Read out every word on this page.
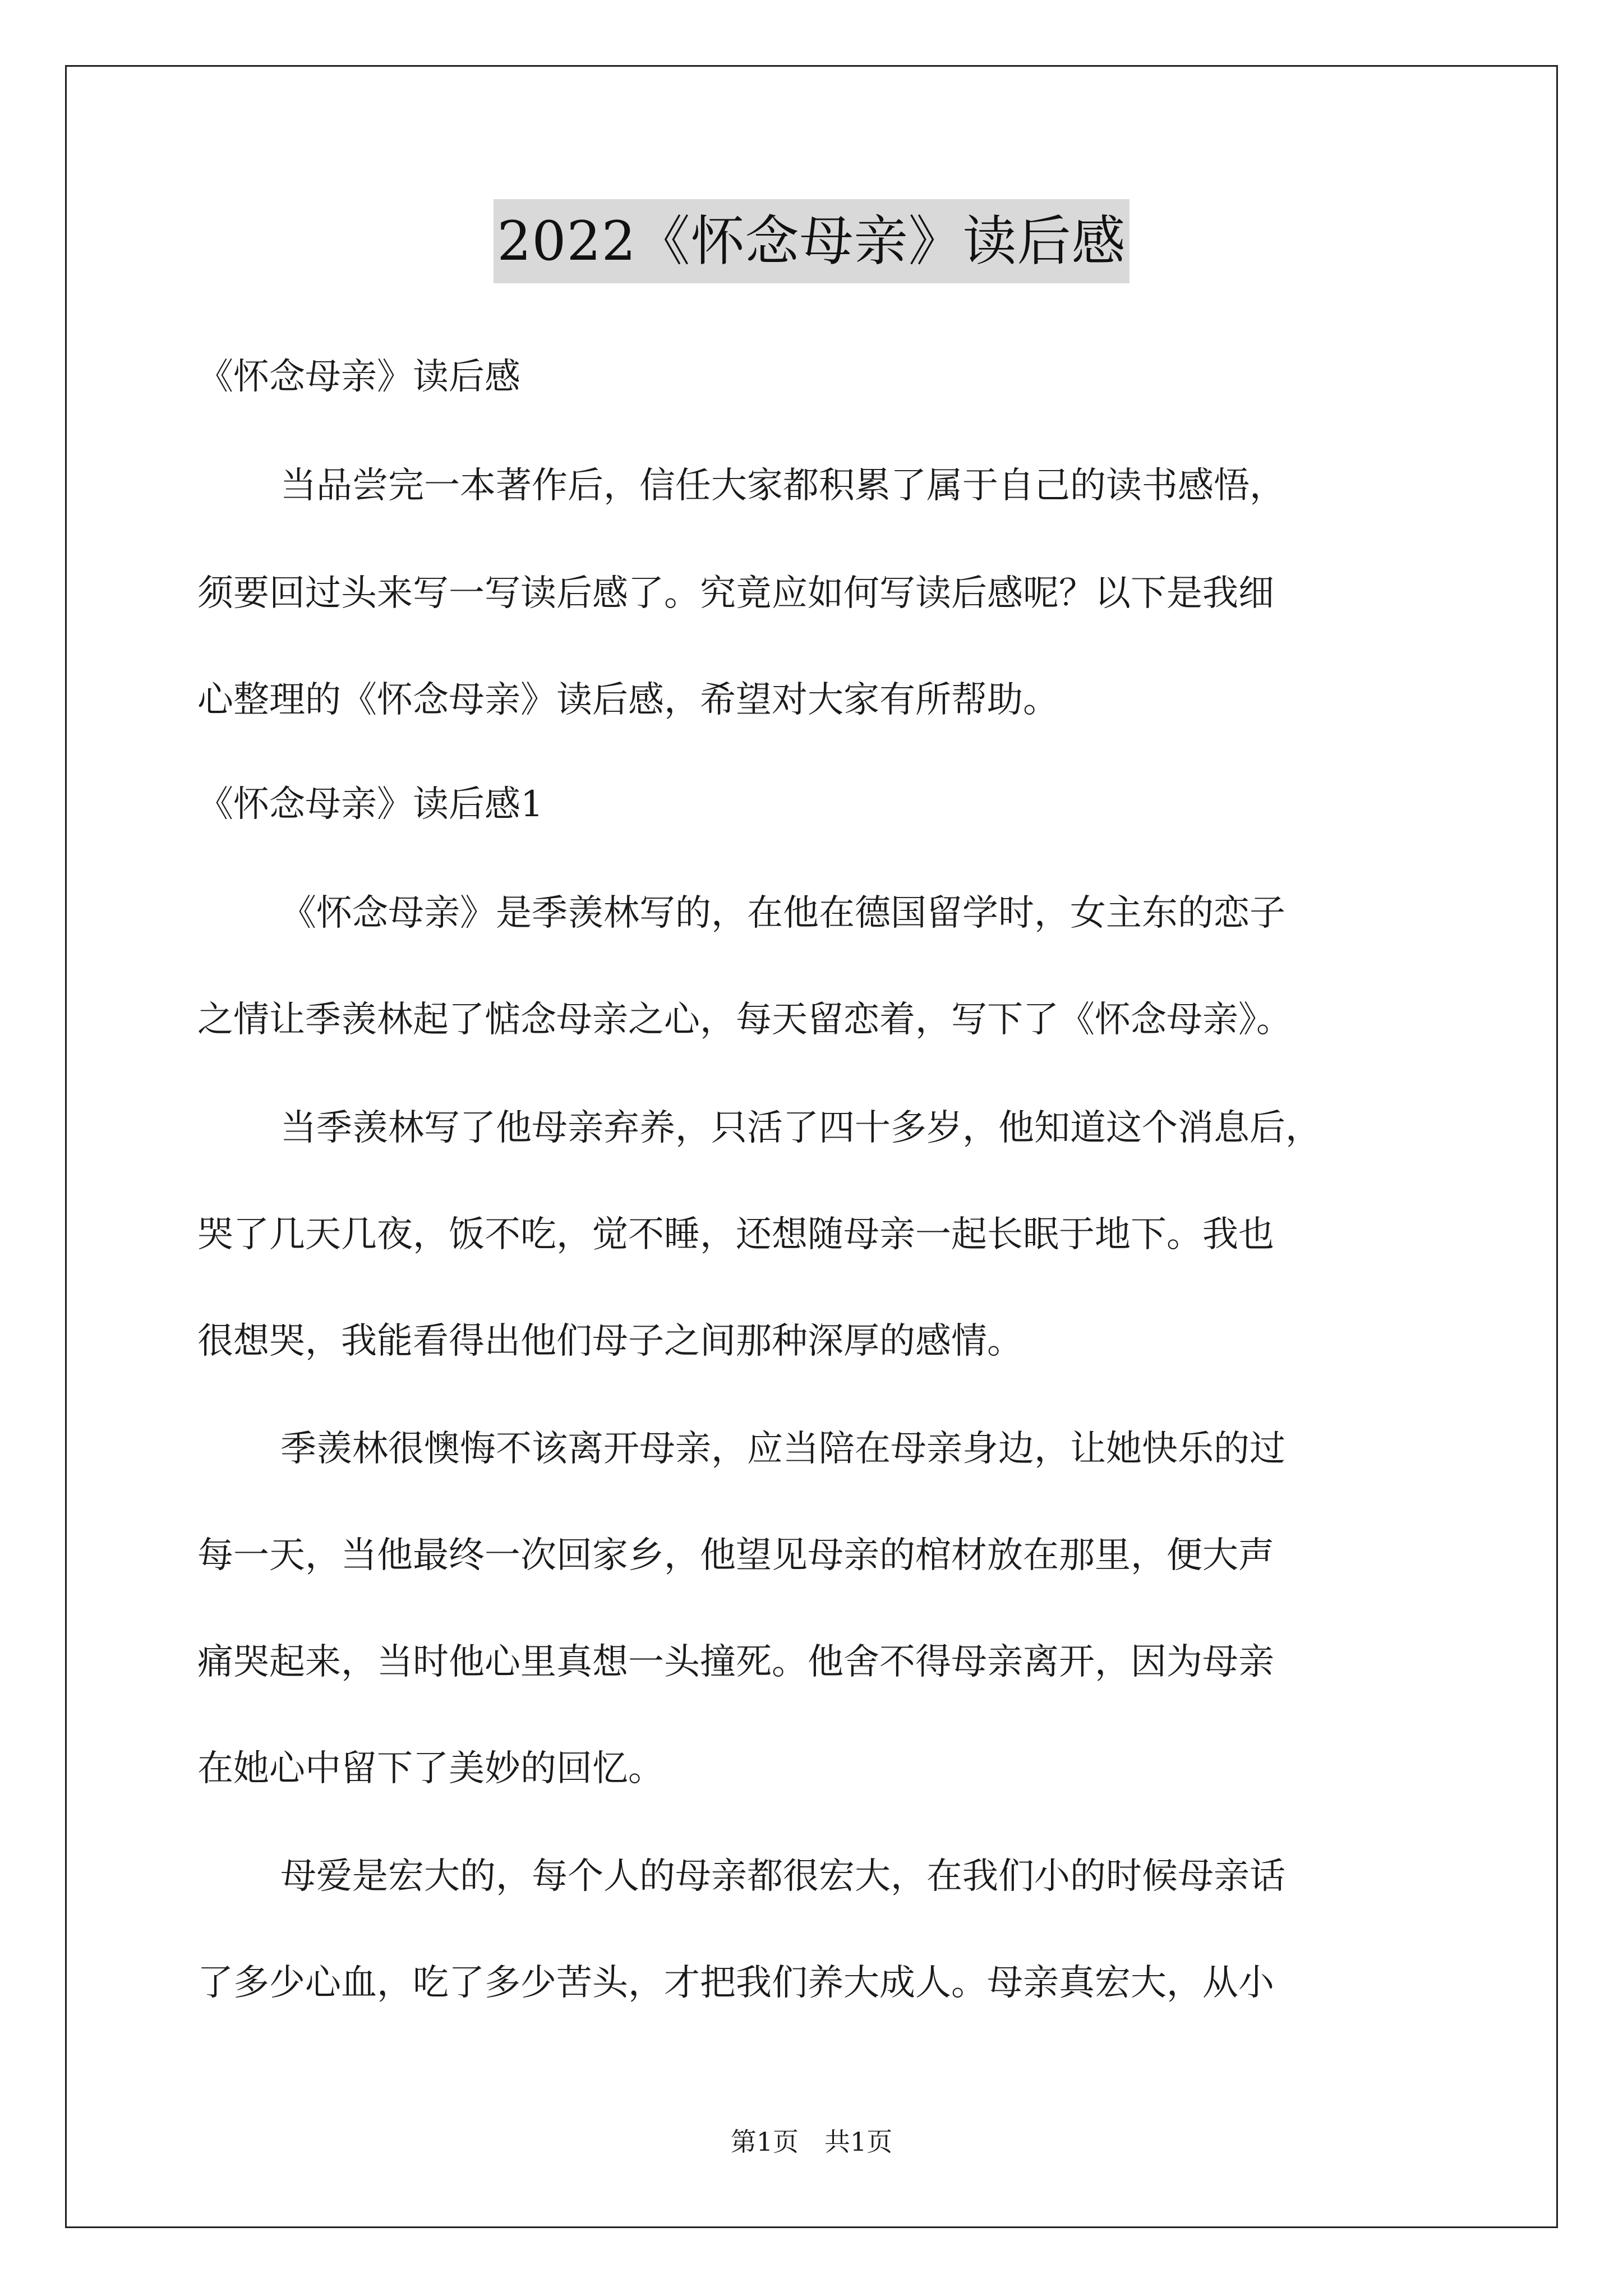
2022《怀念母亲》读后感
《怀念母亲》读后感
当品尝完一本著作后，信任大家都积累了属于自己的读书感悟，
须要回过头来写一写读后感了。究竟应如何写读后感呢？以下是我细
心整理的《怀念母亲》读后感，希望对大家有所帮助。
《怀念母亲》读后感1
《怀念母亲》是季羡林写的，在他在德国留学时，女主东的恋子
之情让季羡林起了惦念母亲之心，每天留恋着，写下了《怀念母亲》。
当季羡林写了他母亲弃养，只活了四十多岁，他知道这个消息后，
哭了几天几夜，饭不吃，觉不睡，还想随母亲一起长眠于地下。我也
很想哭，我能看得出他们母子之间那种深厚的感情。
季羡林很懊悔不该离开母亲，应当陪在母亲身边，让她快乐的过
每一天，当他最终一次回家乡，他望见母亲的棺材放在那里，便大声
痛哭起来，当时他心里真想一头撞死。他舍不得母亲离开，因为母亲
在她心中留下了美妙的回忆。
母爱是宏大的，每个人的母亲都很宏大，在我们小的时候母亲话
了多少心血，吃了多少苦头，才把我们养大成人。母亲真宏大，从小
第1页　共1页
